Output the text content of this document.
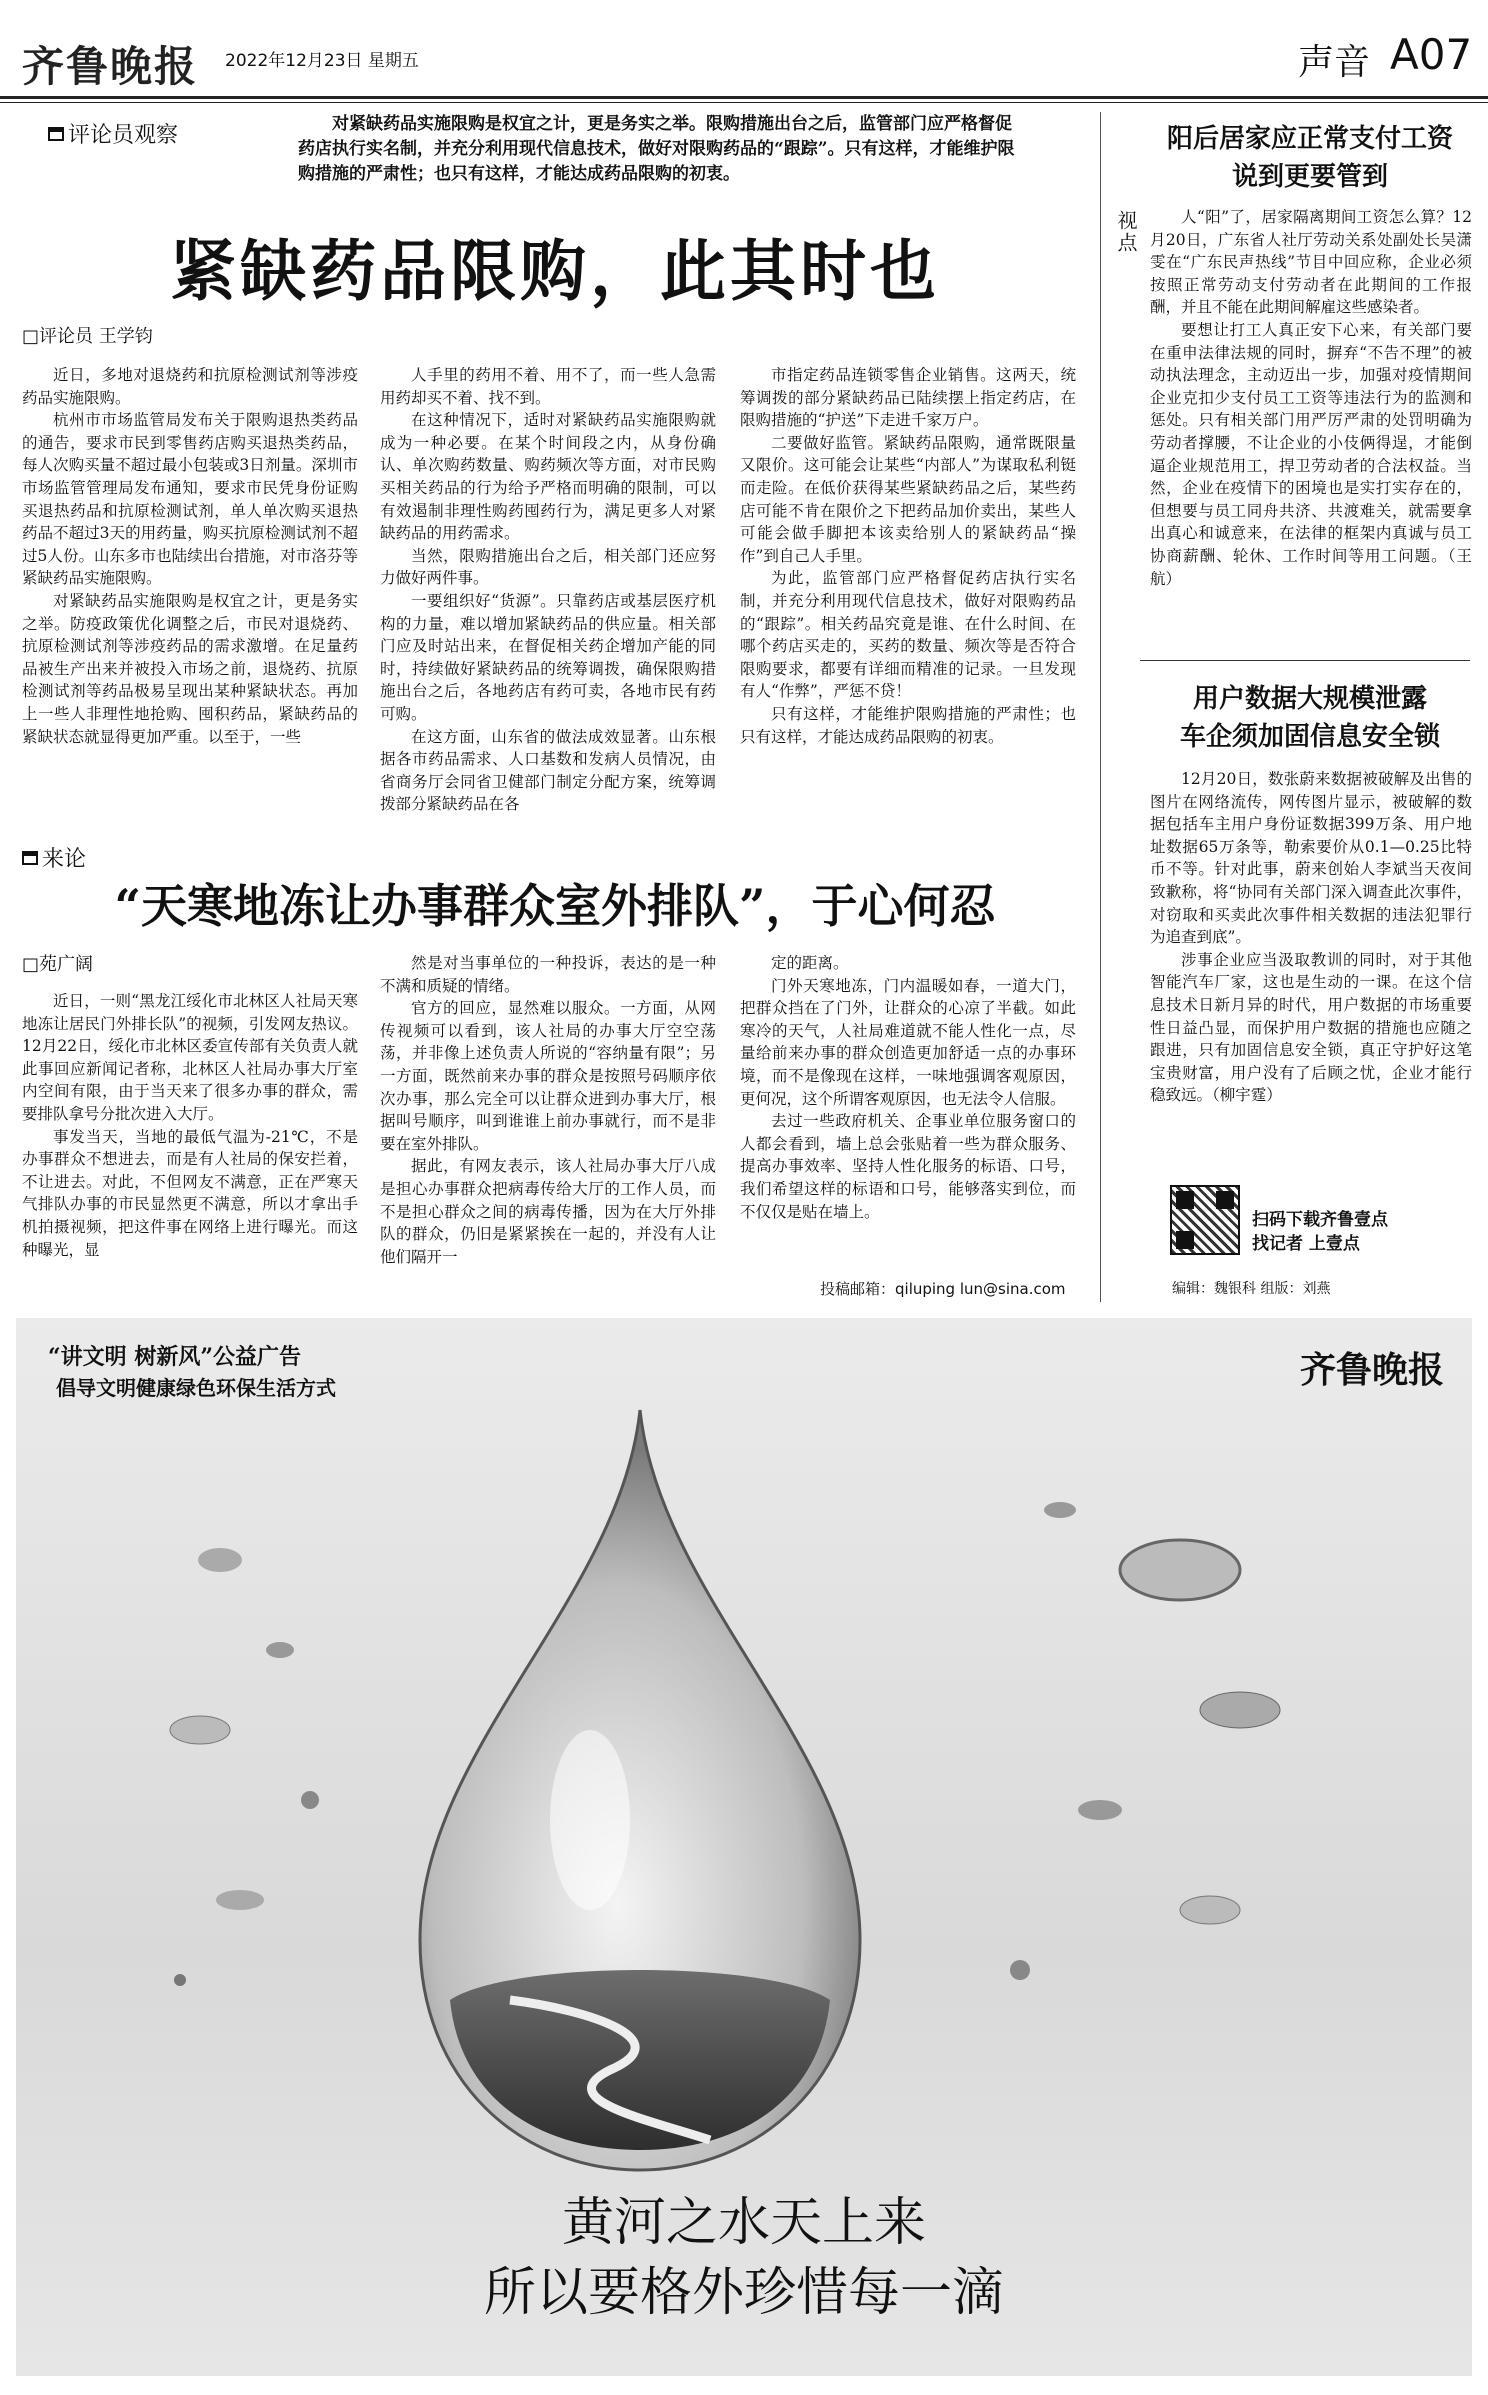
齐鲁晚报 2022年12月23日 星期五	声音 A07
评论员观察	对紧缺药品实施限购是权宜之计，更是务实之举。限购措施出台之后，监管部门应严格督促药店执行实名制，并充分利用现代信息技术，做好对限购药品的“跟踪”。只有这样，才能维护限购措施的严肃性；也只有这样，才能达成药品限购的初衷。
紧缺药品限购，此其时也
□评论员 王学钧

近日，多地对退烧药和抗原检测试剂等涉疫药品实施限购。

杭州市市场监管局发布关于限购退热类药品的通告，要求市民到零售药店购买退热类药品，每人次购买量不超过最小包装或3日剂量。深圳市市场监管管理局发布通知，要求市民凭身份证购买退热药品和抗原检测试剂，单人单次购买退热药品不超过3天的用药量，购买抗原检测试剂不超过5人份。山东多市也陆续出台措施，对市洛芬等紧缺药品实施限购。

对紧缺药品实施限购是权宜之计，更是务实之举。防疫政策优化调整之后，市民对退烧药、抗原检测试剂等涉疫药品的需求激增。在足量药品被生产出来并被投入市场之前，退烧药、抗原检测试剂等药品极易呈现出某种紧缺状态。再加上一些人非理性地抢购、囤积药品，紧缺药品的紧缺状态就显得更加严重。以至于，一些

人手里的药用不着、用不了，而一些人急需用药却买不着、找不到。

在这种情况下，适时对紧缺药品实施限购就成为一种必要。在某个时间段之内，从身份确认、单次购药数量、购药频次等方面，对市民购买相关药品的行为给予严格而明确的限制，可以有效遏制非理性购药囤药行为，满足更多人对紧缺药品的用药需求。

当然，限购措施出台之后，相关部门还应努力做好两件事。

一要组织好“货源”。只靠药店或基层医疗机构的力量，难以增加紧缺药品的供应量。相关部门应及时站出来，在督促相关药企增加产能的同时，持续做好紧缺药品的统筹调拨，确保限购措施出台之后，各地药店有药可卖，各地市民有药可购。

在这方面，山东省的做法成效显著。山东根据各市药品需求、人口基数和发病人员情况，由省商务厅会同省卫健部门制定分配方案，统筹调拨部分紧缺药品在各

市指定药品连锁零售企业销售。这两天，统筹调拨的部分紧缺药品已陆续摆上指定药店，在限购措施的“护送”下走进千家万户。

二要做好监管。紧缺药品限购，通常既限量又限价。这可能会让某些“内部人”为谋取私利铤而走险。在低价获得某些紧缺药品之后，某些药店可能不肯在限价之下把药品加价卖出，某些人可能会做手脚把本该卖给别人的紧缺药品“操作”到自己人手里。

为此，监管部门应严格督促药店执行实名制，并充分利用现代信息技术，做好对限购药品的“跟踪”。相关药品究竟是谁、在什么时间、在哪个药店买走的，买药的数量、频次等是否符合限购要求，都要有详细而精准的记录。一旦发现有人“作弊”，严惩不贷！

只有这样，才能维护限购措施的严肃性；也只有这样，才能达成药品限购的初衷。

来论
“天寒地冻让办事群众室外排队”，于心何忍
□苑广阔

近日，一则“黑龙江绥化市北林区人社局天寒地冻让居民门外排长队”的视频，引发网友热议。12月22日，绥化市北林区委宣传部有关负责人就此事回应新闻记者称，北林区人社局办事大厅室内空间有限，由于当天来了很多办事的群众，需要排队拿号分批次进入大厅。

事发当天，当地的最低气温为-21℃，不是办事群众不想进去，而是有人社局的保安拦着，不让进去。对此，不但网友不满意，正在严寒天气排队办事的市民显然更不满意，所以才拿出手机拍摄视频，把这件事在网络上进行曝光。而这种曝光，显

然是对当事单位的一种投诉，表达的是一种不满和质疑的情绪。

官方的回应，显然难以服众。一方面，从网传视频可以看到，该人社局的办事大厅空空荡荡，并非像上述负责人所说的“容纳量有限”；另一方面，既然前来办事的群众是按照号码顺序依次办事，那么完全可以让群众进到办事大厅，根据叫号顺序，叫到谁谁上前办事就行，而不是非要在室外排队。

据此，有网友表示，该人社局办事大厅八成是担心办事群众把病毒传给大厅的工作人员，而不是担心群众之间的病毒传播，因为在大厅外排队的群众，仍旧是紧紧挨在一起的，并没有人让他们隔开一

定的距离。

门外天寒地冻，门内温暖如春，一道大门，把群众挡在了门外，让群众的心凉了半截。如此寒冷的天气，人社局难道就不能人性化一点，尽量给前来办事的群众创造更加舒适一点的办事环境，而不是像现在这样，一味地强调客观原因，更何况，这个所谓客观原因，也无法令人信服。

去过一些政府机关、企事业单位服务窗口的人都会看到，墙上总会张贴着一些为群众服务、提高办事效率、坚持人性化服务的标语、口号，我们希望这样的标语和口号，能够落实到位，而不仅仅是贴在墙上。

投稿邮箱：qiluping lun@sina.com
视点
阳后居家应正常支付工资
说到更要管到

人“阳”了，居家隔离期间工资怎么算？12月20日，广东省人社厅劳动关系处副处长吴潇雯在“广东民声热线”节目中回应称，企业必须按照正常劳动支付劳动者在此期间的工作报酬，并且不能在此期间解雇这些感染者。

要想让打工人真正安下心来，有关部门要在重申法律法规的同时，摒弃“不告不理”的被动执法理念，主动迈出一步，加强对疫情期间企业克扣少支付员工工资等违法行为的监测和惩处。只有相关部门用严厉严肃的处罚明确为劳动者撑腰，不让企业的小伎俩得逞，才能倒逼企业规范用工，捍卫劳动者的合法权益。当然，企业在疫情下的困境也是实打实存在的，但想要与员工同舟共济、共渡难关，就需要拿出真心和诚意来，在法律的框架内真诚与员工协商薪酬、轮休、工作时间等用工问题。（王航）

用户数据大规模泄露
车企须加固信息安全锁

12月20日，数张蔚来数据被破解及出售的图片在网络流传，网传图片显示，被破解的数据包括车主用户身份证数据399万条、用户地址数据65万条等，勒索要价从0.1—0.25比特币不等。针对此事，蔚来创始人李斌当天夜间致歉称，将“协同有关部门深入调查此次事件，对窃取和买卖此次事件相关数据的违法犯罪行为追查到底”。

涉事企业应当汲取教训的同时，对于其他智能汽车厂家，这也是生动的一课。在这个信息技术日新月异的时代，用户数据的市场重要性日益凸显，而保护用户数据的措施也应随之跟进，只有加固信息安全锁，真正守护好这笔宝贵财富，用户没有了后顾之忧，企业才能行稳致远。（柳宇霆）

扫码下载齐鲁壹点
找记者 上壹点
编辑：魏银科 组版：刘燕
“讲文明 树新风”公益广告
倡导文明健康绿色环保生活方式	齐鲁晚报
黄河之水天上来
所以要格外珍惜每一滴
